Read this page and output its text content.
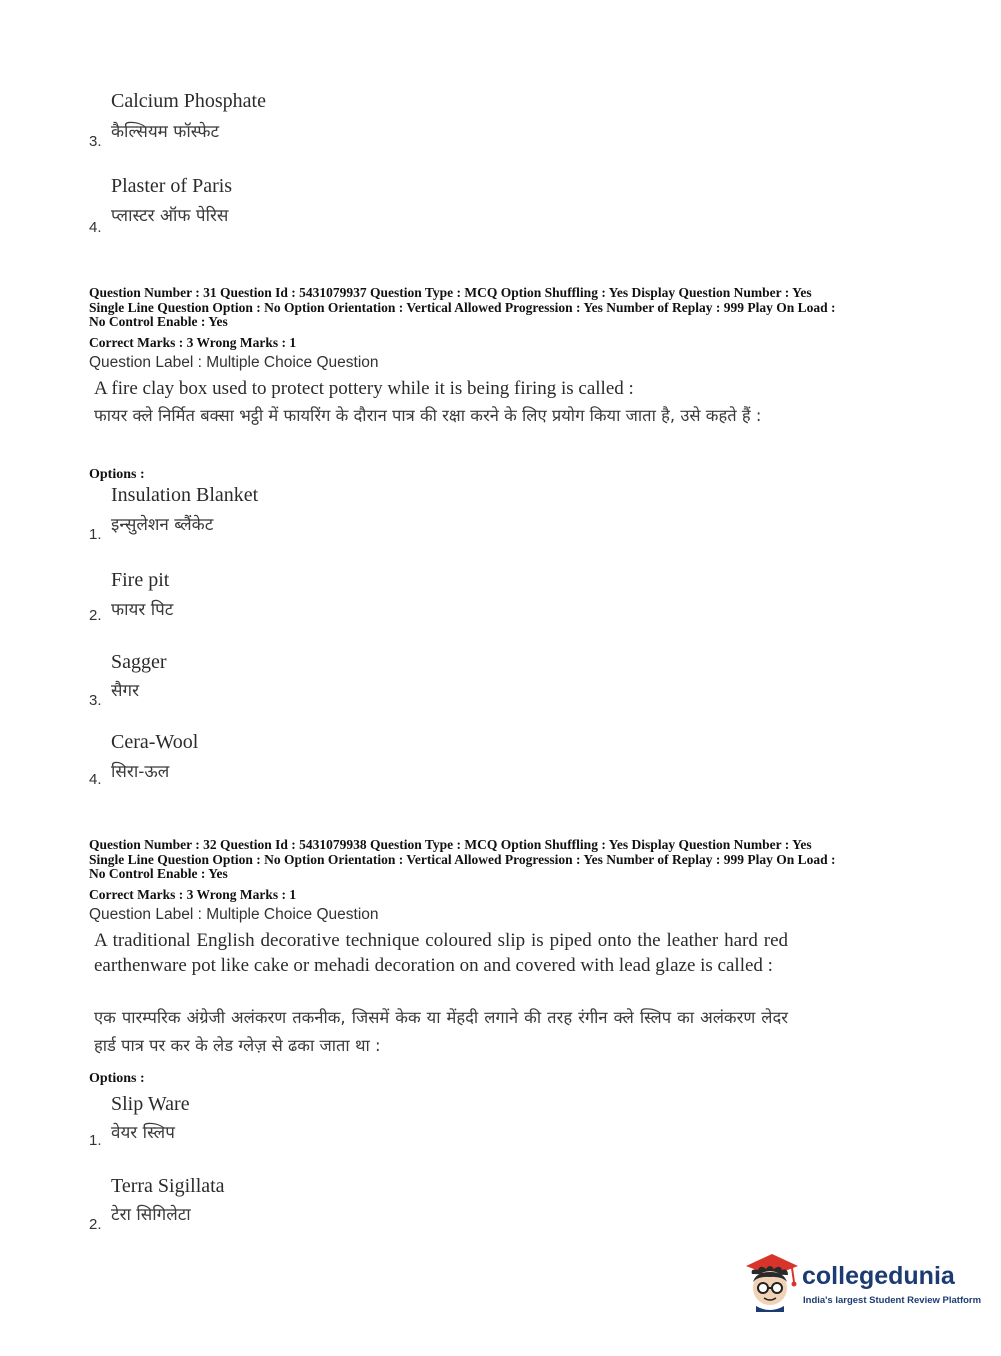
Calcium Phosphate
कैल्सियम फॉस्फेट
3.
Plaster of Paris
प्लास्टर ऑफ पेरिस
4.
Question Number : 31 Question Id : 5431079937 Question Type : MCQ Option Shuffling : Yes Display Question Number : Yes
Single Line Question Option : No Option Orientation : Vertical Allowed Progression : Yes Number of Replay : 999 Play On Load :
No Control Enable : Yes
Correct Marks : 3 Wrong Marks : 1
Question Label : Multiple Choice Question
A fire clay box used to protect pottery while it is being firing is called :
फायर क्ले निर्मित बक्सा भट्ठी में फायरिंग के दौरान पात्र की रक्षा करने के लिए प्रयोग किया जाता है, उसे कहते हैं :
Options :
Insulation Blanket
इन्सुलेशन ब्लैंकेट
1.
Fire pit
फायर पिट
2.
Sagger
सैगर
3.
Cera-Wool
सिरा-ऊल
4.
Question Number : 32 Question Id : 5431079938 Question Type : MCQ Option Shuffling : Yes Display Question Number : Yes
Single Line Question Option : No Option Orientation : Vertical Allowed Progression : Yes Number of Replay : 999 Play On Load :
No Control Enable : Yes
Correct Marks : 3 Wrong Marks : 1
Question Label : Multiple Choice Question
A traditional English decorative technique coloured slip is piped onto the leather hard red earthenware pot like cake or mehadi decoration on and covered with lead glaze is called :
एक पारम्परिक अंग्रेजी अलंकरण तकनीक, जिसमें केक या मेंहदी लगाने की तरह रंगीन क्ले स्लिप का अलंकरण लेदर हार्ड पात्र पर कर के लेड ग्लेज़ से ढका जाता था :
Options :
Slip Ware
वेयर स्लिप
1.
Terra Sigillata
टेरा सिगिलेटा
2.
collegedunia
India's largest Student Review Platform
